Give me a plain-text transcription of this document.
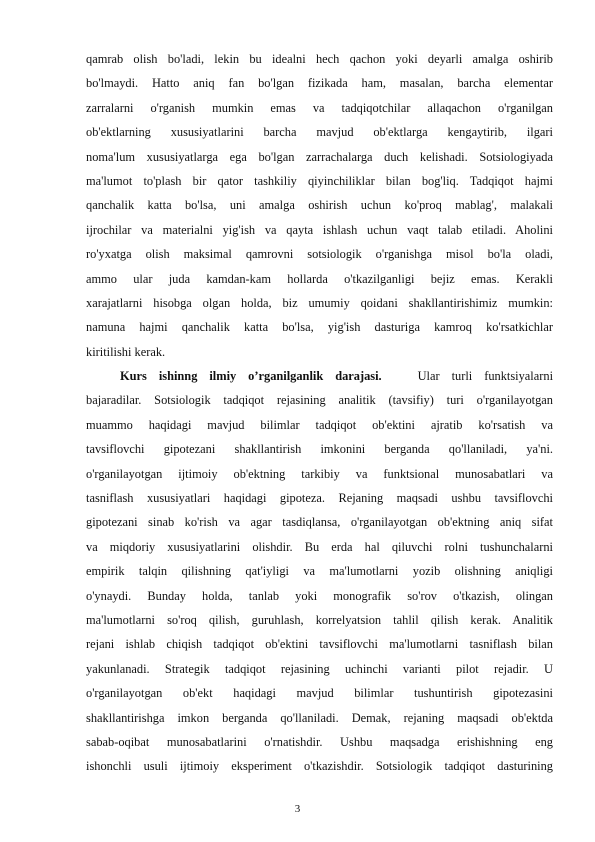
qamrab olish bo'ladi, lekin bu idealni hech qachon yoki deyarli amalga oshirib
bo'lmaydi. Hatto aniq fan bo'lgan fizikada ham, masalan, barcha elementar
zarralarni o'rganish mumkin emas va tadqiqotchilar allaqachon o'rganilgan
ob'ektlarning xususiyatlarini barcha mavjud ob'ektlarga kengaytirib, ilgari
noma'lum xususiyatlarga ega bo'lgan zarrachalarga duch kelishadi. Sotsiologiyada
ma'lumot to'plash bir qator tashkiliy qiyinchiliklar bilan bog'liq. Tadqiqot hajmi
qanchalik katta bo'lsa, uni amalga oshirish uchun ko'proq mablag', malakali
ijrochilar va materialni yig'ish va qayta ishlash uchun vaqt talab etiladi. Aholini
ro'yxatga olish maksimal qamrovni sotsiologik o'rganishga misol bo'la oladi,
ammo ular juda kamdan-kam hollarda o'tkazilganligi bejiz emas. Kerakli
xarajatlarni hisobga olgan holda, biz umumiy qoidani shakllantirishimiz mumkin:
namuna hajmi qanchalik katta bo'lsa, yig'ish dasturiga kamroq ko'rsatkichlar
kiritilishi kerak.
Kurs ishinng ilmiy o’rganilganlik darajasi.	Ular turli funktsiyalarni
bajaradilar. Sotsiologik tadqiqot rejasining analitik (tavsifiy) turi o'rganilayotgan
muammo haqidagi mavjud bilimlar tadqiqot ob'ektini ajratib ko'rsatish va
tavsiflovchi gipotezani shakllantirish imkonini berganda qo'llaniladi, ya'ni.
o'rganilayotgan ijtimoiy ob'ektning tarkibiy va funktsional munosabatlari va
tasniflash xususiyatlari haqidagi gipoteza. Rejaning maqsadi ushbu tavsiflovchi
gipotezani sinab ko'rish va agar tasdiqlansa, o'rganilayotgan ob'ektning aniq sifat
va miqdoriy xususiyatlarini olishdir. Bu erda hal qiluvchi rolni tushunchalarni
empirik talqin qilishning qat'iyligi va ma'lumotlarni yozib olishning aniqligi
o'ynaydi. Bunday holda, tanlab yoki monografik so'rov o'tkazish, olingan
ma'lumotlarni so'roq qilish, guruhlash, korrelyatsion tahlil qilish kerak. Analitik
rejani ishlab chiqish tadqiqot ob'ektini tavsiflovchi ma'lumotlarni tasniflash bilan
yakunlanadi. Strategik tadqiqot rejasining uchinchi varianti pilot rejadir. U
o'rganilayotgan ob'ekt haqidagi mavjud bilimlar tushuntirish gipotezasini
shakllantirishga imkon berganda qo'llaniladi. Demak, rejaning maqsadi ob'ektda
sabab-oqibat munosabatlarini o'rnatishdir. Ushbu maqsadga erishishning eng
ishonchli usuli ijtimoiy eksperiment o'tkazishdir. Sotsiologik tadqiqot dasturining
3
